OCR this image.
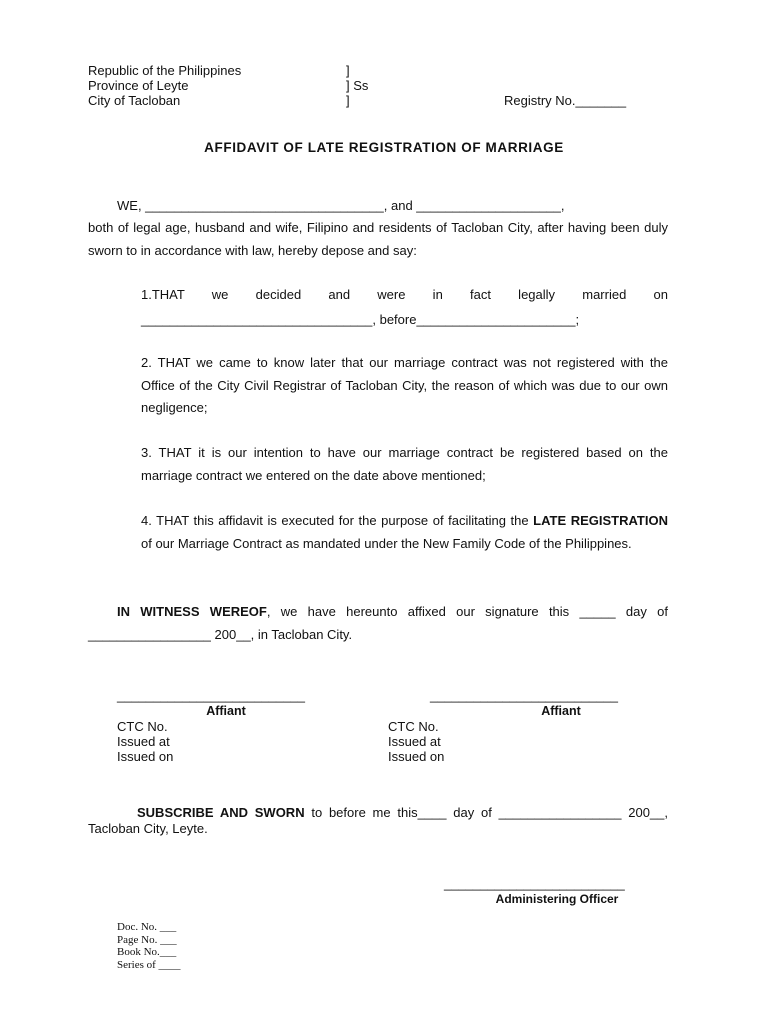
Republic of the Philippines
Province of Leyte
City of Tacloban
]
] Ss
]	Registry No._______
AFFIDAVIT OF LATE REGISTRATION OF MARRIAGE
WE, _________________________________, and ____________________,
both of legal age, husband and wife, Filipino and residents of Tacloban City, after having been duly sworn to in accordance with law, hereby depose and say:
1.THAT we decided and were in fact legally married on
________________________________, before______________________;
2. THAT we came to know later that our marriage contract was not registered with the Office of the City Civil Registrar of Tacloban City, the reason of which was due to our own negligence;
3. THAT it is our intention to have our marriage contract be registered based on the marriage contract we entered on the date above mentioned;
4. THAT this affidavit is executed for the purpose of facilitating the LATE REGISTRATION of our Marriage Contract as mandated under the New Family Code of the Philippines.
IN WITNESS WEREOF, we have hereunto affixed our signature this _____ day of _________________ 200__, in Tacloban City.
__________________________
Affiant
CTC No.
Issued at
Issued on
__________________________
Affiant
CTC No.
Issued at
Issued on
SUBSCRIBE AND SWORN to before me this____ day of _________________ 200__, Tacloban City, Leyte.
_________________________
Administering Officer
Doc. No. ___
Page No. ___
Book No.___
Series of ____
